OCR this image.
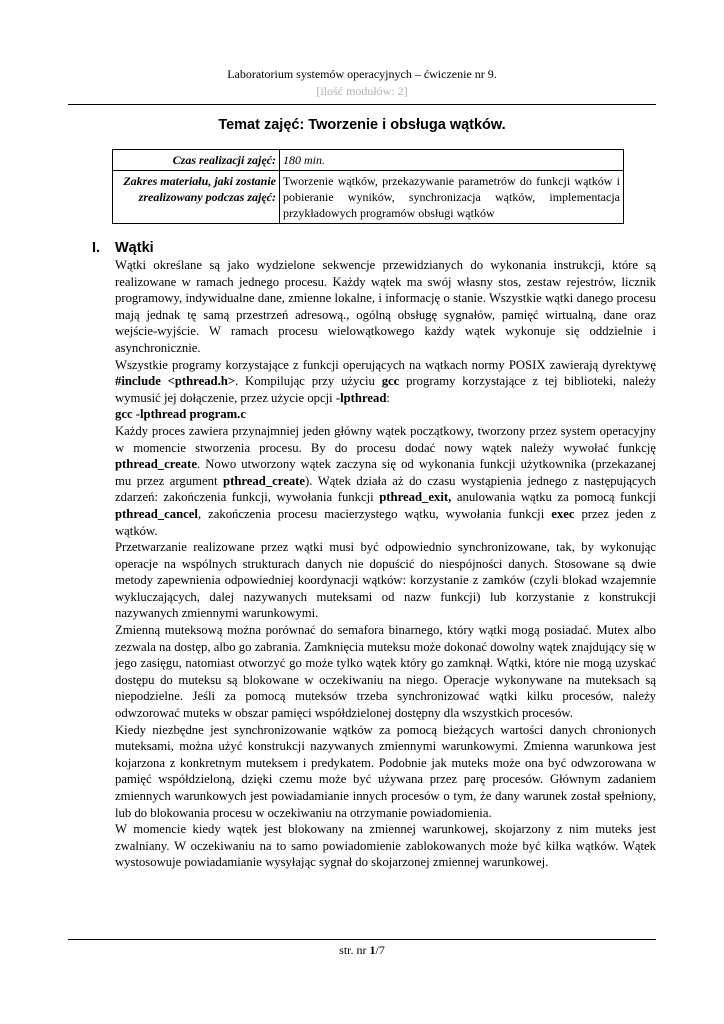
Laboratorium systemów operacyjnych – ćwiczenie nr 9.
[ilość modułów: 2]
Temat zajęć: Tworzenie i obsługa wątków.
Czas realizacji zajęć:	180 min.
Zakres materiału, jaki zostanie zrealizowany podczas zajęć:	Tworzenie wątków, przekazywanie parametrów do funkcji wątków i pobieranie wyników, synchronizacja wątków, implementacja przykładowych programów obsługi wątków
I. Wątki

Wątki określane są jako wydzielone sekwencje przewidzianych do wykonania instrukcji, które są realizowane w ramach jednego procesu. Każdy wątek ma swój własny stos, zestaw rejestrów, licznik programowy, indywidualne dane, zmienne lokalne, i informację o stanie. Wszystkie wątki danego procesu mają jednak tę samą przestrzeń adresową., ogólną obsługę sygnałów, pamięć wirtualną, dane oraz wejście-wyjście. W ramach procesu wielowątkowego każdy wątek wykonuje się oddzielnie i asynchronicznie.

Wszystkie programy korzystające z funkcji operujących na wątkach normy POSIX zawierają dyrektywę #include <pthread.h>. Kompilując przy użyciu gcc programy korzystające z tej biblioteki, należy wymusić jej dołączenie, przez użycie opcji -lpthread:

gcc -lpthread program.c

Każdy proces zawiera przynajmniej jeden główny wątek początkowy, tworzony przez system operacyjny w momencie stworzenia procesu. By do procesu dodać nowy wątek należy wywołać funkcję pthread_create. Nowo utworzony wątek zaczyna się od wykonania funkcji użytkownika (przekazanej mu przez argument pthread_create). Wątek działa aż do czasu wystąpienia jednego z następujących zdarzeń: zakończenia funkcji, wywołania funkcji pthread_exit, anulowania wątku za pomocą funkcji pthread_cancel, zakończenia procesu macierzystego wątku, wywołania funkcji exec przez jeden z wątków.

Przetwarzanie realizowane przez wątki musi być odpowiednio synchronizowane, tak, by wykonując operacje na wspólnych strukturach danych nie dopuścić do niespójności danych. Stosowane są dwie metody zapewnienia odpowiedniej koordynacji wątków: korzystanie z zamków (czyli blokad wzajemnie wykluczających, dalej nazywanych muteksami od nazw funkcji) lub korzystanie z konstrukcji nazywanych zmiennymi warunkowymi.

Zmienną muteksową można porównać do semafora binarnego, który wątki mogą posiadać. Mutex albo zezwala na dostęp, albo go zabrania. Zamknięcia muteksu może dokonać dowolny wątek znajdujący się w jego zasięgu, natomiast otworzyć go może tylko wątek który go zamknął. Wątki, które nie mogą uzyskać dostępu do muteksu są blokowane w oczekiwaniu na niego. Operacje wykonywane na muteksach są niepodzielne. Jeśli za pomocą muteksów trzeba synchronizować wątki kilku procesów, należy odwzorować muteks w obszar pamięci współdzielonej dostępny dla wszystkich procesów.

Kiedy niezbędne jest synchronizowanie wątków za pomocą bieżących wartości danych chronionych muteksami, można użyć konstrukcji nazywanych zmiennymi warunkowymi. Zmienna warunkowa jest kojarzona z konkretnym muteksem i predykatem. Podobnie jak muteks może ona być odwzorowana w pamięć współdzieloną, dzięki czemu może być używana przez parę procesów. Głównym zadaniem zmiennych warunkowych jest powiadamianie innych procesów o tym, że dany warunek został spełniony, lub do blokowania procesu w oczekiwaniu na otrzymanie powiadomienia.

W momencie kiedy wątek jest blokowany na zmiennej warunkowej, skojarzony z nim muteks jest zwalniany. W oczekiwaniu na to samo powiadomienie zablokowanych może być kilka wątków. Wątek wystosowuje powiadamianie wysyłając sygnał do skojarzonej zmiennej warunkowej.

str. nr 1/7
